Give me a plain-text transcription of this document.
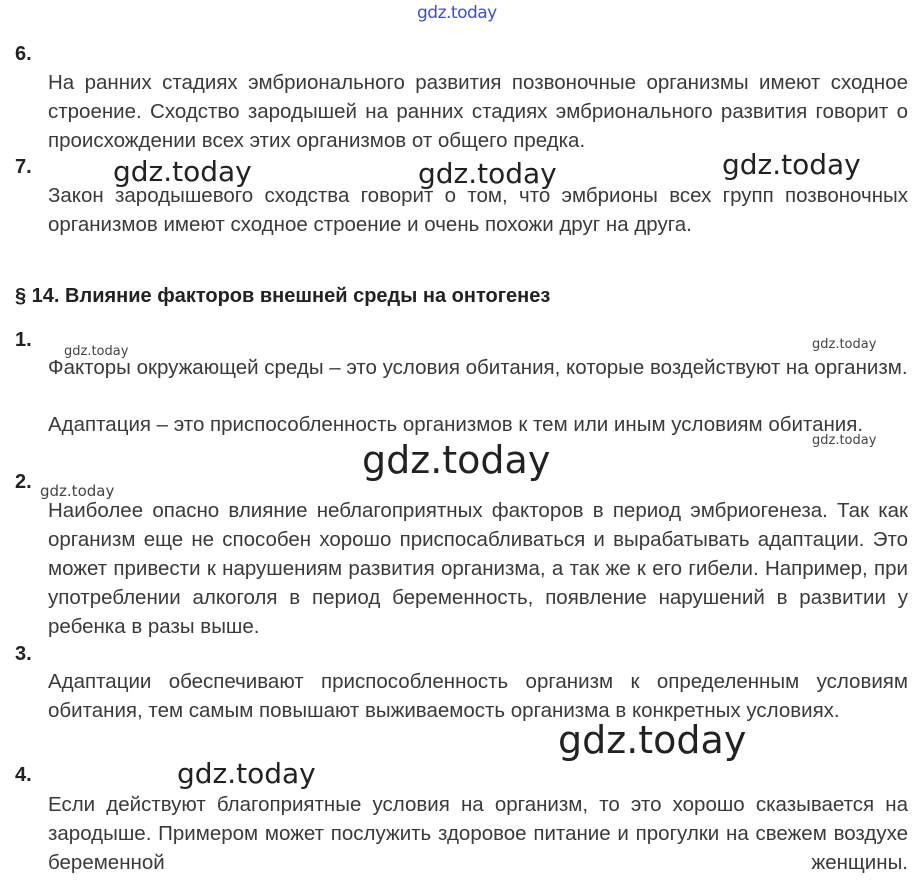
gdz.today
6.
На ранних стадиях эмбрионального развития позвоночные организмы имеют сходное строение. Сходство зародышей на ранних стадиях эмбрионального развития говорит о происхождении всех этих организмов от общего предка.
7.
Закон зародышевого сходства говорит о том, что эмбрионы всех групп позвоночных организмов имеют сходное строение и очень похожи друг на друга.
§ 14. Влияние факторов внешней среды на онтогенез
1.
Факторы окружающей среды – это условия обитания, которые воздействуют на организм.
Адаптация – это приспособленность организмов к тем или иным условиям обитания.
2.
Наиболее опасно влияние неблагоприятных факторов в период эмбриогенеза. Так как организм еще не способен хорошо приспосабливаться и вырабатывать адаптации. Это может привести к нарушениям развития организма, а так же к его гибели. Например, при употреблении алкоголя в период беременность, появление нарушений в развитии у ребенка в разы выше.
3.
Адаптации обеспечивают приспособленность организм к определенным условиям обитания, тем самым повышают выживаемость организма в конкретных условиях.
4.
Если действуют благоприятные условия на организм, то это хорошо сказывается на зародыше. Примером может послужить здоровое питание и прогулки на свежем воздухе беременной женщины.
gdz.today	gdz.today	gdz.today
gdz.today	gdz.today
gdz.today
gdz.today
gdz.today
gdz.today
gdz.today
